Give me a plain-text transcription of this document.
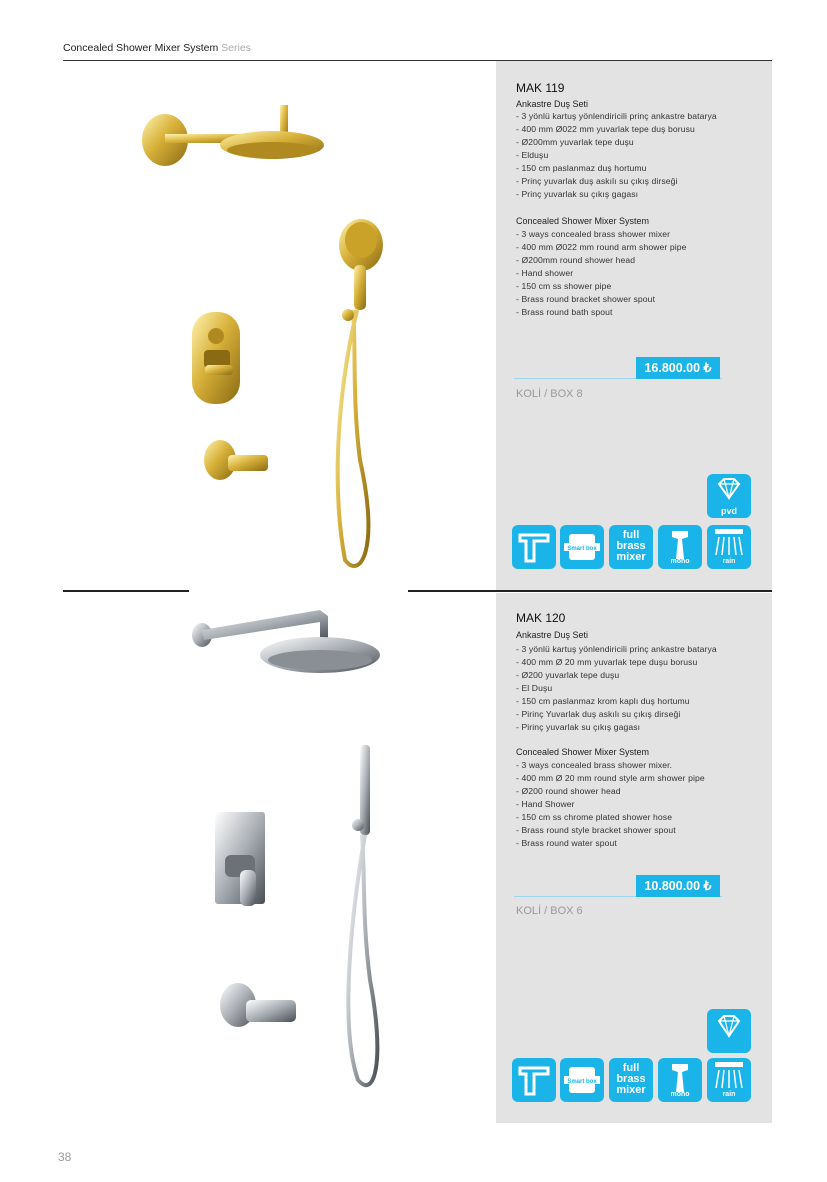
Concealed Shower Mixer System Series
MAK 119
Ankastre Duş Seti
- 3 yönlü kartuş yönlendiricili prinç ankastre batarya
- 400 mm Ø022 mm yuvarlak tepe duş borusu
- Ø200mm yuvarlak tepe duşu
- Elduşu
- 150 cm paslanmaz duş hortumu
- Prinç yuvarlak duş askılı su çıkış dirseği
- Prinç yuvarlak su çıkış gagası
Concealed Shower Mixer System
- 3 ways concealed brass shower mixer
- 400 mm Ø022 mm round arm shower pipe
- Ø200mm round shower head
- Hand shower
- 150 cm ss shower pipe
- Brass round bracket shower spout
- Brass round bath spout
16.800.00 ₺
KOLİ / BOX 8
pvd
Smart box
full brass mixer	mono	rain
MAK 120
Ankastre Duş Seti
- 3 yönlü kartuş yönlendiricili prinç ankastre batarya
- 400 mm Ø 20 mm yuvarlak tepe duşu borusu
- Ø200 yuvarlak tepe duşu
- El Duşu
- 150 cm paslanmaz krom kaplı duş hortumu
- Pirinç Yuvarlak duş askılı su çıkış dirseği
- Pirinç yuvarlak su çıkış gagası
Concealed Shower Mixer System
- 3 ways concealed brass shower mixer.
- 400 mm Ø 20 mm round style arm shower pipe
- Ø200 round shower head
- Hand Shower
- 150 cm ss chrome plated shower hose
- Brass round style bracket shower spout
- Brass round water spout
10.800.00 ₺
KOLİ / BOX 6
Smart box
full brass mixer	mono	rain
38
